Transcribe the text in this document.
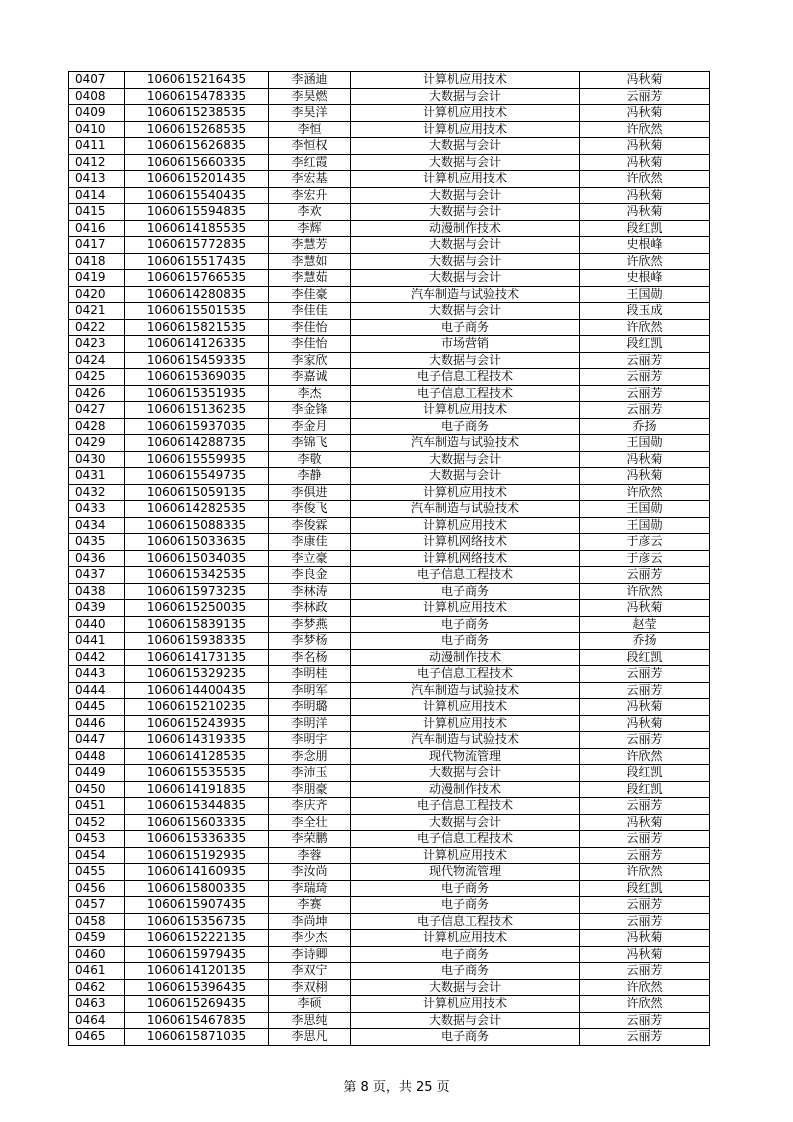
0407	1060615216435	李涵迪	计算机应用技术	冯秋菊
0408	1060615478335	李昊燃	大数据与会计	云丽芳
0409	1060615238535	李昊洋	计算机应用技术	冯秋菊
0410	1060615268535	李恒	计算机应用技术	许欣然
0411	1060615626835	李恒权	大数据与会计	冯秋菊
0412	1060615660335	李红霞	大数据与会计	冯秋菊
0413	1060615201435	李宏基	计算机应用技术	许欣然
0414	1060615540435	李宏升	大数据与会计	冯秋菊
0415	1060615594835	李欢	大数据与会计	冯秋菊
0416	1060614185535	李辉	动漫制作技术	段红凯
0417	1060615772835	李慧芳	大数据与会计	史根峰
0418	1060615517435	李慧如	大数据与会计	许欣然
0419	1060615766535	李慧茹	大数据与会计	史根峰
0420	1060614280835	李佳豪	汽车制造与试验技术	王国勋
0421	1060615501535	李佳佳	大数据与会计	段玉成
0422	1060615821535	李佳怡	电子商务	许欣然
0423	1060614126335	李佳怡	市场营销	段红凯
0424	1060615459335	李家欣	大数据与会计	云丽芳
0425	1060615369035	李嘉诚	电子信息工程技术	云丽芳
0426	1060615351935	李杰	电子信息工程技术	云丽芳
0427	1060615136235	李金锋	计算机应用技术	云丽芳
0428	1060615937035	李金月	电子商务	乔扬
0429	1060614288735	李锦飞	汽车制造与试验技术	王国勋
0430	1060615559935	李敬	大数据与会计	冯秋菊
0431	1060615549735	李静	大数据与会计	冯秋菊
0432	1060615059135	李俱进	计算机应用技术	许欣然
0433	1060614282535	李俊飞	汽车制造与试验技术	王国勋
0434	1060615088335	李俊霖	计算机应用技术	王国勋
0435	1060615033635	李康佳	计算机网络技术	于彦云
0436	1060615034035	李立豪	计算机网络技术	于彦云
0437	1060615342535	李良金	电子信息工程技术	云丽芳
0438	1060615973235	李林涛	电子商务	许欣然
0439	1060615250035	李林政	计算机应用技术	冯秋菊
0440	1060615839135	李梦燕	电子商务	赵莹
0441	1060615938335	李梦杨	电子商务	乔扬
0442	1060614173135	李名杨	动漫制作技术	段红凯
0443	1060615329235	李明桂	电子信息工程技术	云丽芳
0444	1060614400435	李明军	汽车制造与试验技术	云丽芳
0445	1060615210235	李明璐	计算机应用技术	冯秋菊
0446	1060615243935	李明洋	计算机应用技术	冯秋菊
0447	1060614319335	李明宇	汽车制造与试验技术	云丽芳
0448	1060614128535	李念朋	现代物流管理	许欣然
0449	1060615535535	李沛玉	大数据与会计	段红凯
0450	1060614191835	李朋豪	动漫制作技术	段红凯
0451	1060615344835	李庆齐	电子信息工程技术	云丽芳
0452	1060615603335	李全壮	大数据与会计	冯秋菊
0453	1060615336335	李荣鹏	电子信息工程技术	云丽芳
0454	1060615192935	李蓉	计算机应用技术	云丽芳
0455	1060614160935	李汝尚	现代物流管理	许欣然
0456	1060615800335	李瑞琦	电子商务	段红凯
0457	1060615907435	李赛	电子商务	云丽芳
0458	1060615356735	李尚坤	电子信息工程技术	云丽芳
0459	1060615222135	李少杰	计算机应用技术	冯秋菊
0460	1060615979435	李诗卿	电子商务	冯秋菊
0461	1060614120135	李双宁	电子商务	云丽芳
0462	1060615396435	李双栩	大数据与会计	许欣然
0463	1060615269435	李硕	计算机应用技术	许欣然
0464	1060615467835	李思纯	大数据与会计	云丽芳
0465	1060615871035	李思凡	电子商务	云丽芳
第 8 页，共 25 页
